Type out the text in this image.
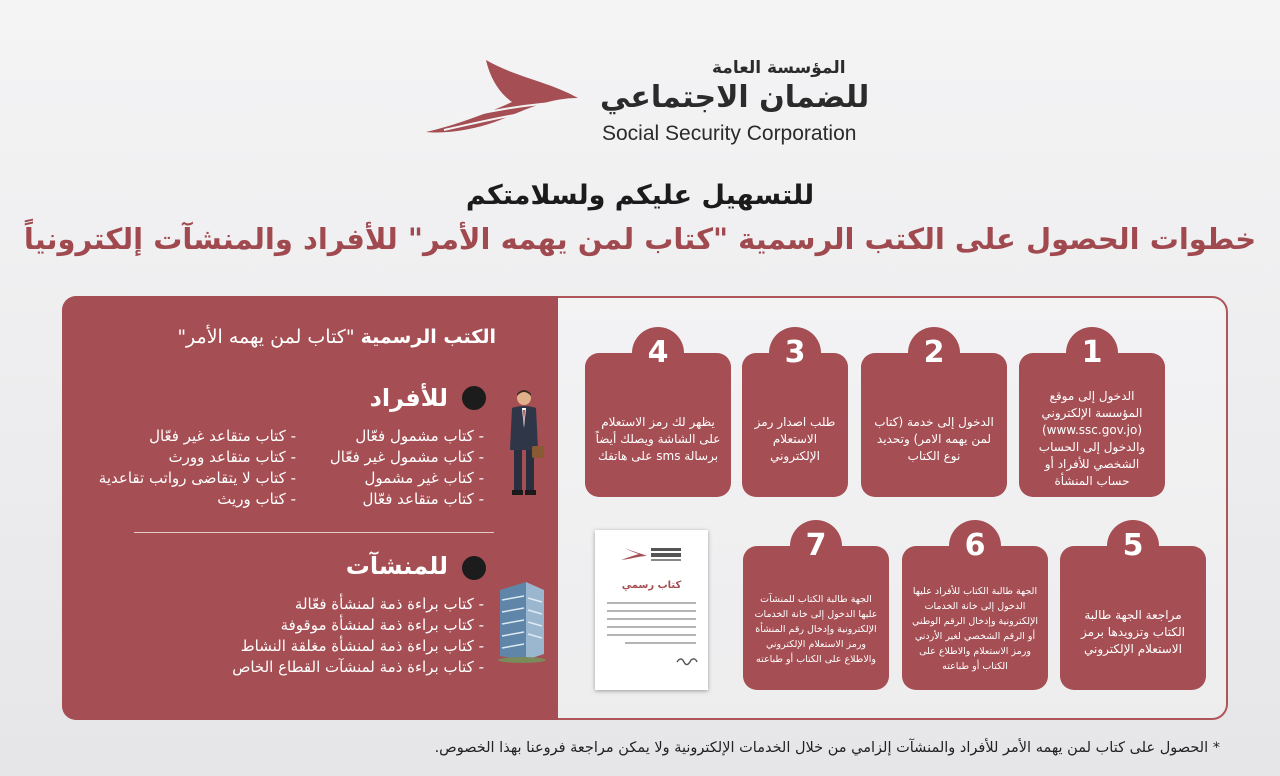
المؤسسة العامة
للضمان الاجتماعي
Social Security Corporation
للتسهيل عليكم ولسلامتكم
خطوات الحصول على الكتب الرسمية "كتاب لمن يهمه الأمر" للأفراد والمنشآت إلكترونياً
الكتب الرسمية "كتاب لمن يهمه الأمر"
للأفراد
- كتاب مشمول فعّال
- كتاب مشمول غير فعّال
- كتاب غير مشمول
- كتاب متقاعد فعّال
- كتاب متقاعد غير فعّال
- كتاب متقاعد وورث
- كتاب لا يتقاضى رواتب تقاعدية
- كتاب وريث
للمنشآت
- كتاب براءة ذمة لمنشأة فعّالة
- كتاب براءة ذمة لمنشأة موقوفة
- كتاب براءة ذمة لمنشأة مغلقة النشاط
- كتاب براءة ذمة لمنشآت القطاع الخاص
1
الدخول إلى موقع المؤسسة الإلكتروني (www.ssc.gov.jo) والدخول إلى الحساب الشخصي للأفراد أو حساب المنشأة
2
الدخول إلى خدمة (كتاب لمن يهمه الامر) وتحديد نوع الكتاب
3
طلب اصدار رمز الاستعلام الإلكتروني
4
يظهر لك رمز الاستعلام على الشاشة ويصلك أيضاً برسالة sms على هاتفك
5
مراجعة الجهة طالبة الكتاب وتزويدها برمز الاستعلام الإلكتروني
6
الجهة طالبة الكتاب للأفراد عليها الدخول إلى خانة الخدمات الإلكترونية وإدخال الرقم الوطني أو الرقم الشخصي لغير الأردني ورمز الاستعلام والاطلاع على الكتاب أو طباعته
7
الجهة طالبة الكتاب للمنشآت عليها الدخول إلى خانة الخدمات الإلكترونية وإدخال رقم المنشأة ورمز الاستعلام الإلكتروني والاطلاع على الكتاب أو طباعته
كتاب رسمي
* الحصول على كتاب لمن يهمه الأمر للأفراد والمنشآت إلزامي من خلال الخدمات الإلكترونية ولا يمكن مراجعة فروعنا بهذا الخصوص.
